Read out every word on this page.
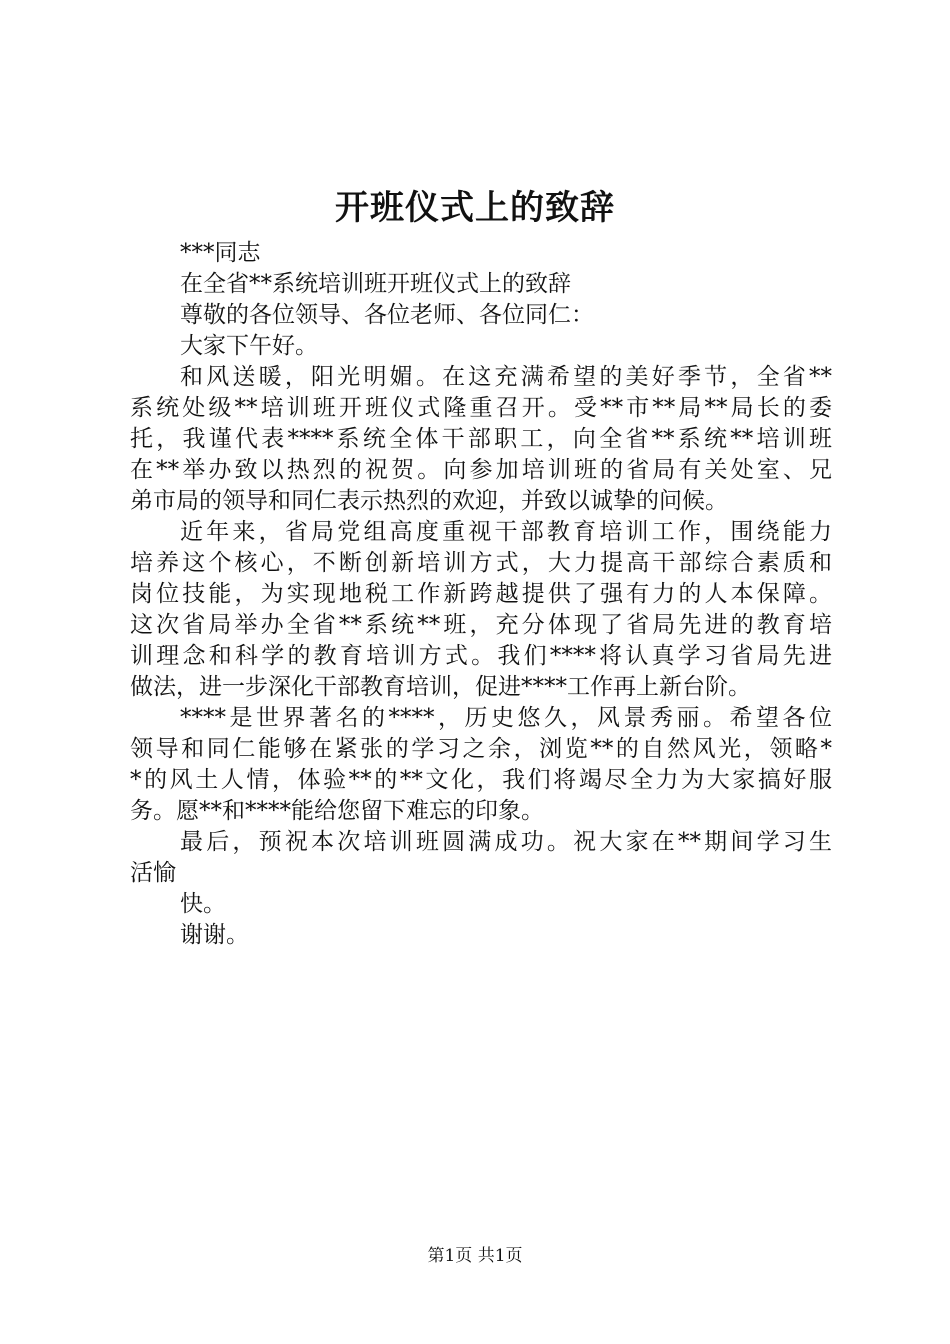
开班仪式上的致辞
***同志
在全省**系统培训班开班仪式上的致辞
尊敬的各位领导、各位老师、各位同仁：
大家下午好。
和风送暖，阳光明媚。在这充满希望的美好季节，全省**
系统处级**培训班开班仪式隆重召开。受**市**局**局长的委
托，我谨代表****系统全体干部职工，向全省**系统**培训班
在**举办致以热烈的祝贺。向参加培训班的省局有关处室、兄
弟市局的领导和同仁表示热烈的欢迎，并致以诚挚的问候。
近年来，省局党组高度重视干部教育培训工作，围绕能力
培养这个核心，不断创新培训方式，大力提高干部综合素质和
岗位技能，为实现地税工作新跨越提供了强有力的人本保障。
这次省局举办全省**系统**班，充分体现了省局先进的教育培
训理念和科学的教育培训方式。我们****将认真学习省局先进
做法，进一步深化干部教育培训，促进****工作再上新台阶。
****是世界著名的****，历史悠久，风景秀丽。希望各位
领导和同仁能够在紧张的学习之余，浏览**的自然风光，领略*
*的风土人情，体验**的**文化，我们将竭尽全力为大家搞好服
务。愿**和****能给您留下难忘的印象。
最后，预祝本次培训班圆满成功。祝大家在**期间学习生
活愉
快。
谢谢。
第1页 共1页
